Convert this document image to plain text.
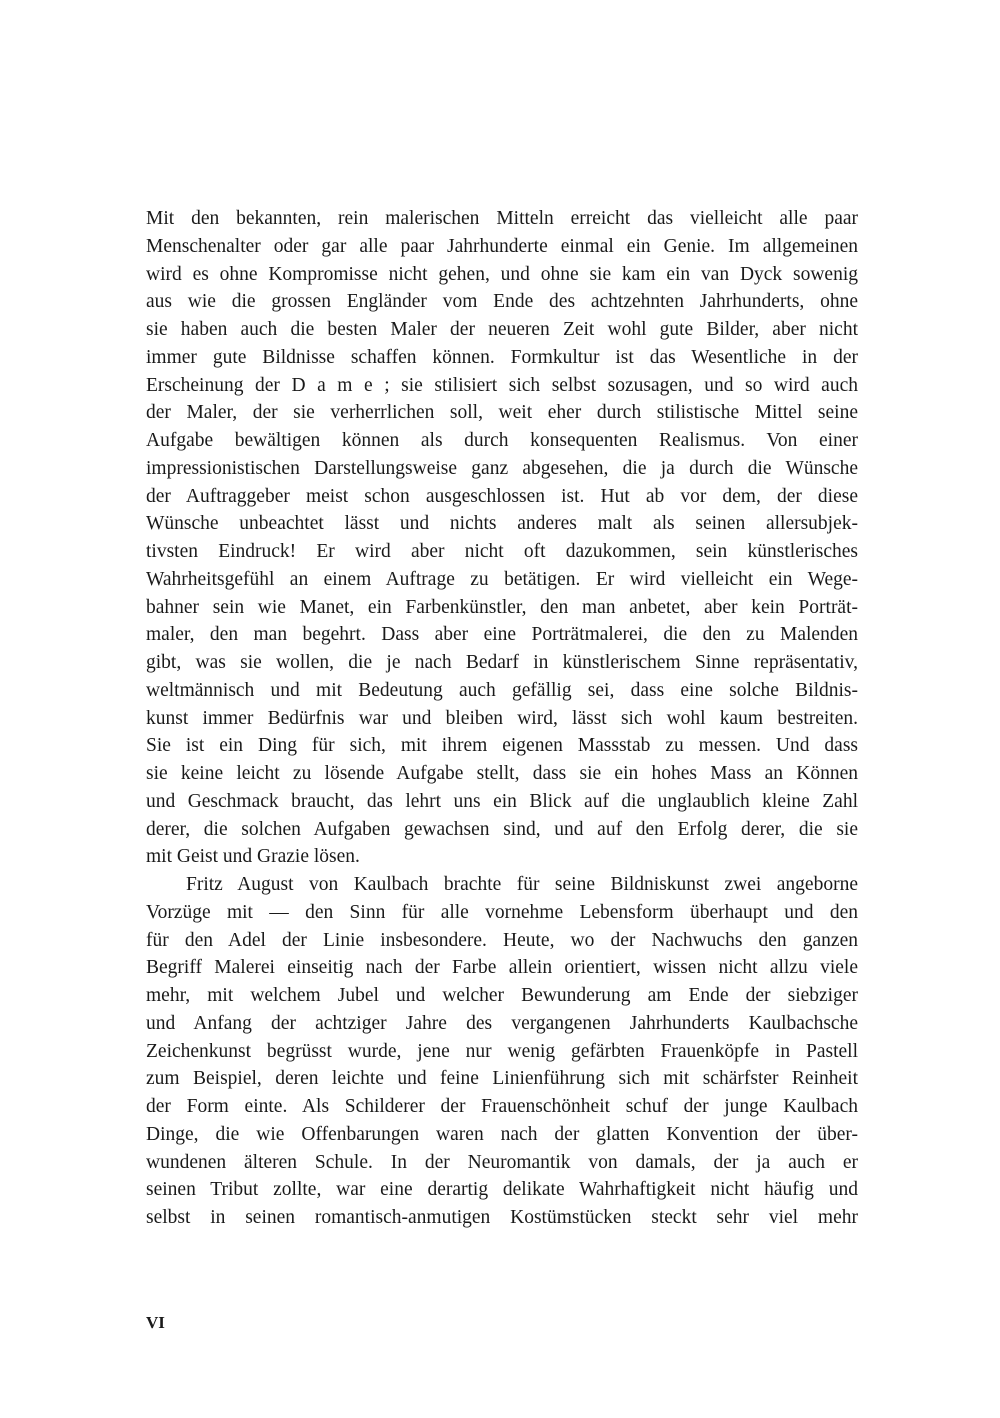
Mit den bekannten, rein malerischen Mitteln erreicht das vielleicht alle paar
Menschenalter oder gar alle paar Jahrhunderte einmal ein Genie. Im allgemeinen
wird es ohne Kompromisse nicht gehen, und ohne sie kam ein van Dyck sowenig
aus wie die grossen Engländer vom Ende des achtzehnten Jahrhunderts, ohne
sie haben auch die besten Maler der neueren Zeit wohl gute Bilder, aber nicht
immer gute Bildnisse schaffen können. Formkultur ist das Wesentliche in der
Erscheinung der D a m e ; sie stilisiert sich selbst sozusagen, und so wird auch
der Maler, der sie verherrlichen soll, weit eher durch stilistische Mittel seine
Aufgabe bewältigen können als durch konsequenten Realismus. Von einer
impressionistischen Darstellungsweise ganz abgesehen, die ja durch die Wünsche
der Auftraggeber meist schon ausgeschlossen ist. Hut ab vor dem, der diese
Wünsche unbeachtet lässt und nichts anderes malt als seinen allersubjek-
tivsten Eindruck! Er wird aber nicht oft dazukommen, sein künstlerisches
Wahrheitsgefühl an einem Auftrage zu betätigen. Er wird vielleicht ein Wege-
bahner sein wie Manet, ein Farbenkünstler, den man anbetet, aber kein Porträt-
maler, den man begehrt. Dass aber eine Porträtmalerei, die den zu Malenden
gibt, was sie wollen, die je nach Bedarf in künstlerischem Sinne repräsentativ,
weltmännisch und mit Bedeutung auch gefällig sei, dass eine solche Bildnis-
kunst immer Bedürfnis war und bleiben wird, lässt sich wohl kaum bestreiten.
Sie ist ein Ding für sich, mit ihrem eigenen Massstab zu messen. Und dass
sie keine leicht zu lösende Aufgabe stellt, dass sie ein hohes Mass an Können
und Geschmack braucht, das lehrt uns ein Blick auf die unglaublich kleine Zahl
derer, die solchen Aufgaben gewachsen sind, und auf den Erfolg derer, die sie
mit Geist und Grazie lösen.
Fritz August von Kaulbach brachte für seine Bildniskunst zwei angeborne
Vorzüge mit — den Sinn für alle vornehme Lebensform überhaupt und den
für den Adel der Linie insbesondere. Heute, wo der Nachwuchs den ganzen
Begriff Malerei einseitig nach der Farbe allein orientiert, wissen nicht allzu viele
mehr, mit welchem Jubel und welcher Bewunderung am Ende der siebziger
und Anfang der achtziger Jahre des vergangenen Jahrhunderts Kaulbachsche
Zeichenkunst begrüsst wurde, jene nur wenig gefärbten Frauenköpfe in Pastell
zum Beispiel, deren leichte und feine Linienführung sich mit schärfster Reinheit
der Form einte. Als Schilderer der Frauenschönheit schuf der junge Kaulbach
Dinge, die wie Offenbarungen waren nach der glatten Konvention der über-
wundenen älteren Schule. In der Neuromantik von damals, der ja auch er
seinen Tribut zollte, war eine derartig delikate Wahrhaftigkeit nicht häufig und
selbst in seinen romantisch-anmutigen Kostümstücken steckt sehr viel mehr
VI
